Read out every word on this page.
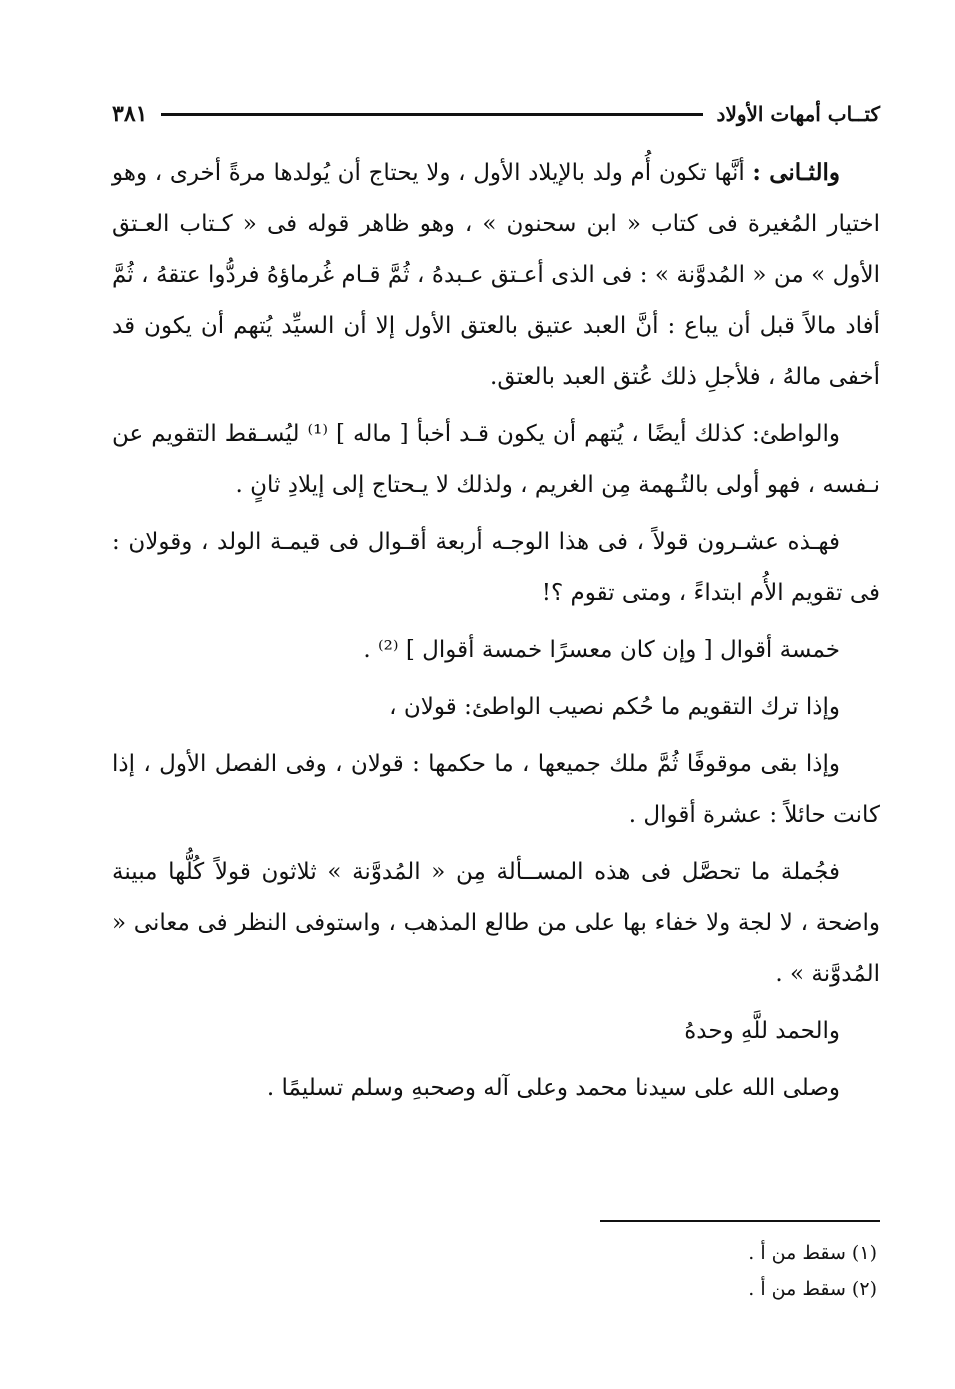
كتــاب أمهات الأولاد
٣٨١

والثـانى : أنَّها تكون أُم ولد بالإيلاد الأول ، ولا يحتاج أن يُولدها مرةً أخرى ، وهو اختيار المُغيرة فى كتاب « ابن سحنون » ، وهو ظاهر قوله فى « كـتاب العـتق الأول » من « المُدوَّنة » : فى الذى أعـتق عـبدهُ ، ثُمَّ قـام غُرماؤهُ فردُّوا عتقهُ ، ثُمَّ أفاد مالاً قبل أن يباع : أنَّ العبد عتيق بالعتق الأول إلا أن السيِّد يُتهم أن يكون قد أخفى مالهُ ، فلأجلِ ذلك عُتق العبد بالعتق.

والواطئ: كذلك أيضًا ، يُتهم أن يكون قـد أخبأ [ ماله ] ⁽¹⁾ ليُسـقط التقويم عن نـفسه ، فهو أولى بالتُـهمة مِن الغريم ، ولذلك لا يـحتاج إلى إيلادِ ثانٍ .

فهـذه عشـرون قولاً ، فى هذا الوجـه أربعة أقـوال فى قيمـة الولد ، وقولان : فى تقويم الأُم ابتداءً ، ومتى تقوم ؟!

خمسة أقوال [ وإن كان معسرًا خمسة أقوال ] ⁽²⁾ .

وإذا ترك التقويم ما حُكم نصيب الواطئ: قولان ،

وإذا بقى موقوفًا ثُمَّ ملك جميعها ، ما حكمها : قولان ، وفى الفصل الأول ، إذا كانت حائلاً : عشرة أقوال .

فجُملة ما تحصَّل فى هذه المســألة مِن « المُدوَّنة » ثلاثون قولاً كُلُّها مبينة واضحة ، لا لجة ولا خفاء بها على من طالع المذهب ، واستوفى النظر فى معانى « المُدوَّنة » .

والحمد للَّهِ وحدهُ

وصلى الله على سيدنا محمد وعلى آله وصحبهِ وسلم تسليمًا .

(١) سقط من أ .

(٢) سقط من أ .
